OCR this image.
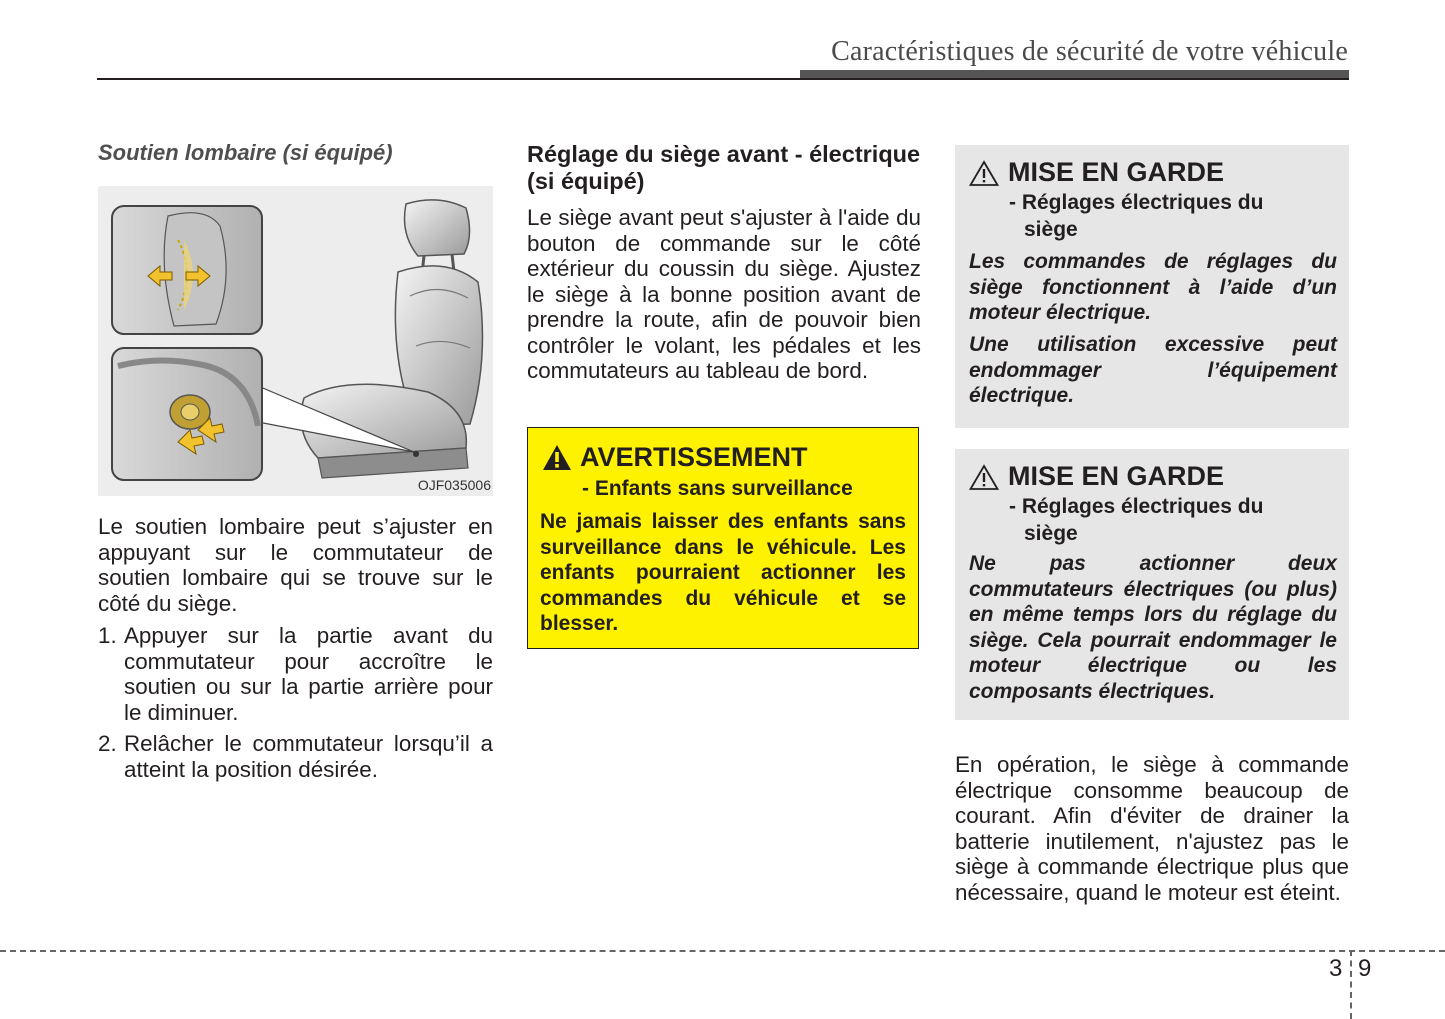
Caractéristiques de sécurité de votre véhicule
Soutien lombaire (si équipé)
OJF035006
Le soutien lombaire peut s’ajuster en appuyant sur le commutateur de soutien lombaire qui se trouve sur le côté du siège.
1. Appuyer sur la partie avant du commutateur pour accroître le soutien ou sur la partie arrière pour le diminuer.
2. Relâcher le commutateur lorsqu’il a atteint la position désirée.
Réglage du siège avant - électrique (si équipé)
Le siège avant peut s'ajuster à l'aide du bouton de commande sur le côté extérieur du coussin du siège. Ajustez le siège à la bonne position avant de prendre la route, afin de pouvoir bien contrôler le volant, les pédales et les commutateurs au tableau de bord.
AVERTISSEMENT
- Enfants sans surveillance
Ne jamais laisser des enfants sans surveillance dans le véhicule. Les enfants pourraient actionner les commandes du véhicule et se blesser.
MISE EN GARDE
- Réglages électriques du
siège
Les commandes de réglages du siège fonctionnent à l’aide d’un moteur électrique.
Une utilisation excessive peut endommager l’équipement électrique.
MISE EN GARDE
- Réglages électriques du
siège
Ne pas actionner deux commutateurs électriques (ou plus) en même temps lors du réglage du siège. Cela pourrait endommager le moteur électrique ou les composants électriques.
En opération, le siège à commande électrique consomme beaucoup de courant. Afin d'éviter de drainer la batterie inutilement, n'ajustez pas le siège à commande électrique plus que nécessaire, quand le moteur est éteint.
3 9
